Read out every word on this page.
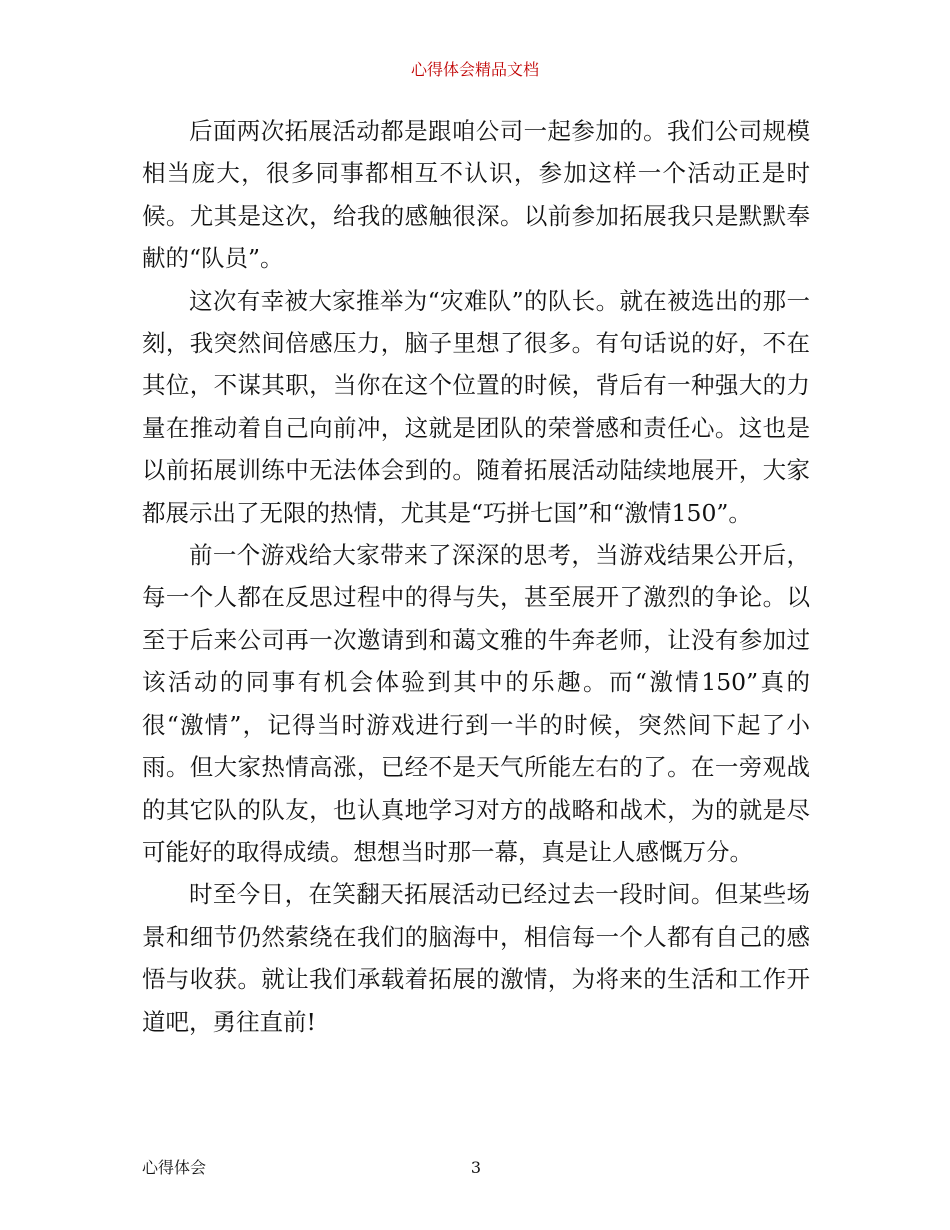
心得体会精品文档

后面两次拓展活动都是跟咱公司一起参加的。我们公司规模相当庞大，很多同事都相互不认识，参加这样一个活动正是时候。尤其是这次，给我的感触很深。以前参加拓展我只是默默奉献的“队员”。

这次有幸被大家推举为“灾难队”的队长。就在被选出的那一刻，我突然间倍感压力，脑子里想了很多。有句话说的好，不在其位，不谋其职，当你在这个位置的时候，背后有一种强大的力量在推动着自己向前冲，这就是团队的荣誉感和责任心。这也是以前拓展训练中无法体会到的。随着拓展活动陆续地展开，大家都展示出了无限的热情，尤其是“巧拼七国”和“激情150”。

前一个游戏给大家带来了深深的思考，当游戏结果公开后，每一个人都在反思过程中的得与失，甚至展开了激烈的争论。以至于后来公司再一次邀请到和蔼文雅的牛奔老师，让没有参加过该活动的同事有机会体验到其中的乐趣。而“激情150”真的很“激情”，记得当时游戏进行到一半的时候，突然间下起了小雨。但大家热情高涨，已经不是天气所能左右的了。在一旁观战的其它队的队友，也认真地学习对方的战略和战术，为的就是尽可能好的取得成绩。想想当时那一幕，真是让人感慨万分。

时至今日，在笑翻天拓展活动已经过去一段时间。但某些场景和细节仍然萦绕在我们的脑海中，相信每一个人都有自己的感悟与收获。就让我们承载着拓展的激情，为将来的生活和工作开道吧，勇往直前!

心得体会	3
